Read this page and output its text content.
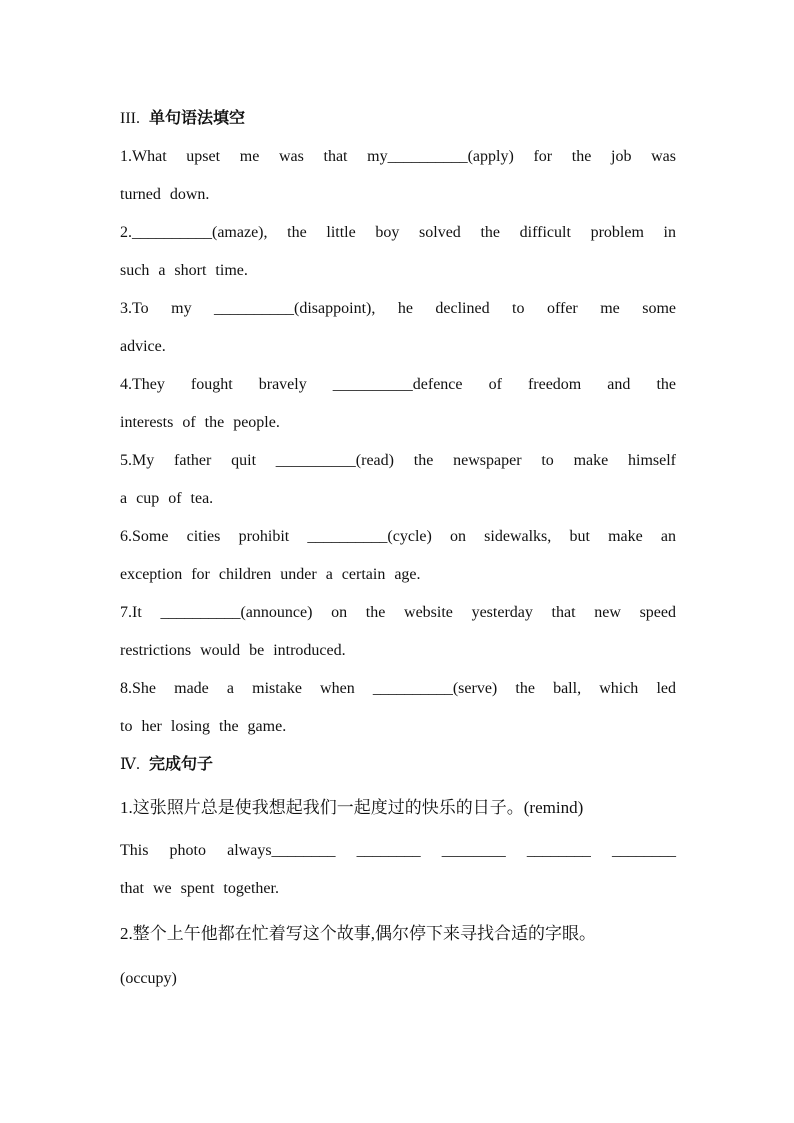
III. 单句语法填空
1.What upset me was that my__________(apply) for the job was
turned down.
2.__________(amaze), the little boy solved the difficult problem in
such a short time.
3.To my __________(disappoint), he declined to offer me some
advice.
4.They fought bravely __________defence of freedom and the
interests of the people.
5.My father quit __________(read) the newspaper to make himself
a cup of tea.
6.Some cities prohibit __________(cycle) on sidewalks, but make an
exception for children under a certain age.
7.It __________(announce) on the website yesterday that new speed
restrictions would be introduced.
8.She made a mistake when __________(serve) the ball, which led
to her losing the game.
Ⅳ. 完成句子
1.这张照片总是使我想起我们一起度过的快乐的日子。(remind)
This photo always________ ________ ________ ________ ________
that we spent together.
2.整个上午他都在忙着写这个故事,偶尔停下来寻找合适的字眼。
(occupy)
